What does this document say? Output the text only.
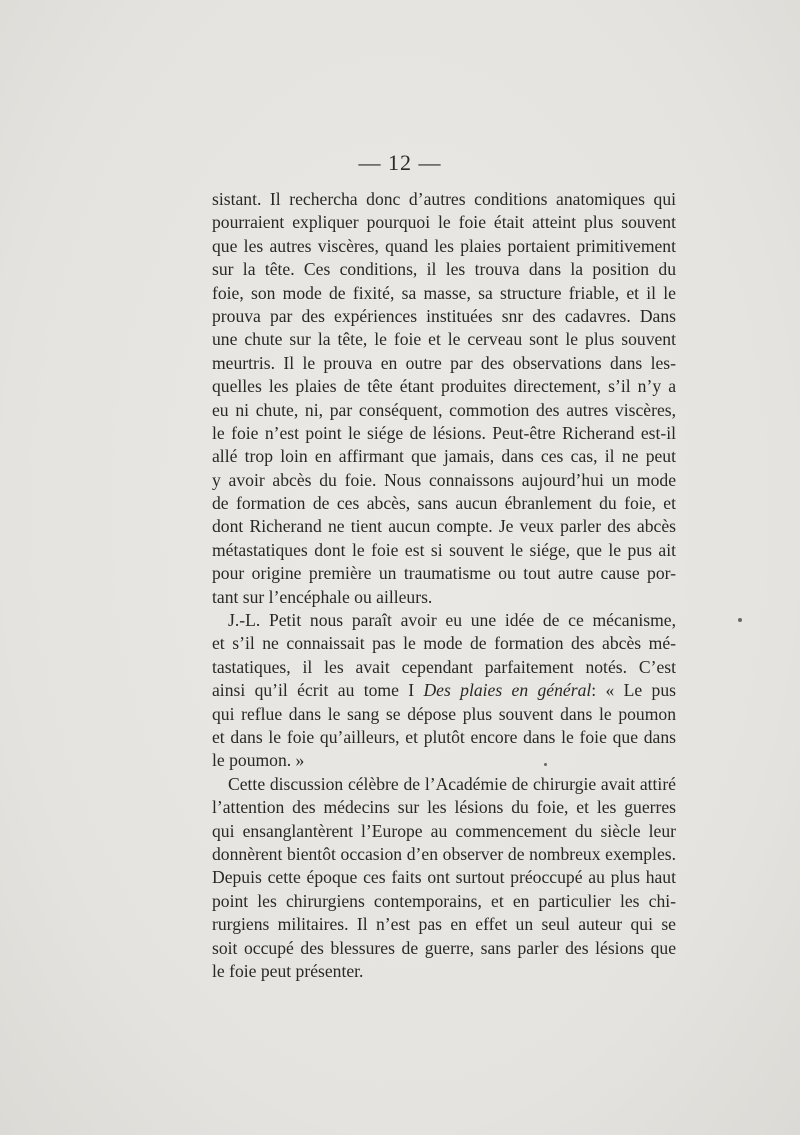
— 12 —
sistant. Il rechercha donc d’autres conditions anatomiques qui
pourraient expliquer pourquoi le foie était atteint plus souvent
que les autres viscères, quand les plaies portaient primitivement
sur la tête. Ces conditions, il les trouva dans la position du
foie, son mode de fixité, sa masse, sa structure friable, et il le
prouva par des expériences instituées snr des cadavres. Dans
une chute sur la tête, le foie et le cerveau sont le plus souvent
meurtris. Il le prouva en outre par des observations dans les-
quelles les plaies de tête étant produites directement, s’il n’y a
eu ni chute, ni, par conséquent, commotion des autres viscères,
le foie n’est point le siége de lésions. Peut-être Richerand est-il
allé trop loin en affirmant que jamais, dans ces cas, il ne peut
y avoir abcès du foie. Nous connaissons aujourd’hui un mode
de formation de ces abcès, sans aucun ébranlement du foie, et
dont Richerand ne tient aucun compte. Je veux parler des abcès
métastatiques dont le foie est si souvent le siége, que le pus ait
pour origine première un traumatisme ou tout autre cause por-
tant sur l’encéphale ou ailleurs.
J.-L. Petit nous paraît avoir eu une idée de ce mécanisme,
et s’il ne connaissait pas le mode de formation des abcès mé-
tastatiques, il les avait cependant parfaitement notés. C’est
ainsi qu’il écrit au tome I Des plaies en général: « Le pus
qui reflue dans le sang se dépose plus souvent dans le poumon
et dans le foie qu’ailleurs, et plutôt encore dans le foie que dans
le poumon. »
Cette discussion célèbre de l’Académie de chirurgie avait attiré
l’attention des médecins sur les lésions du foie, et les guerres
qui ensanglantèrent l’Europe au commencement du siècle leur
donnèrent bientôt occasion d’en observer de nombreux exemples.
Depuis cette époque ces faits ont surtout préoccupé au plus haut
point les chirurgiens contemporains, et en particulier les chi-
rurgiens militaires. Il n’est pas en effet un seul auteur qui se
soit occupé des blessures de guerre, sans parler des lésions que
le foie peut présenter.
